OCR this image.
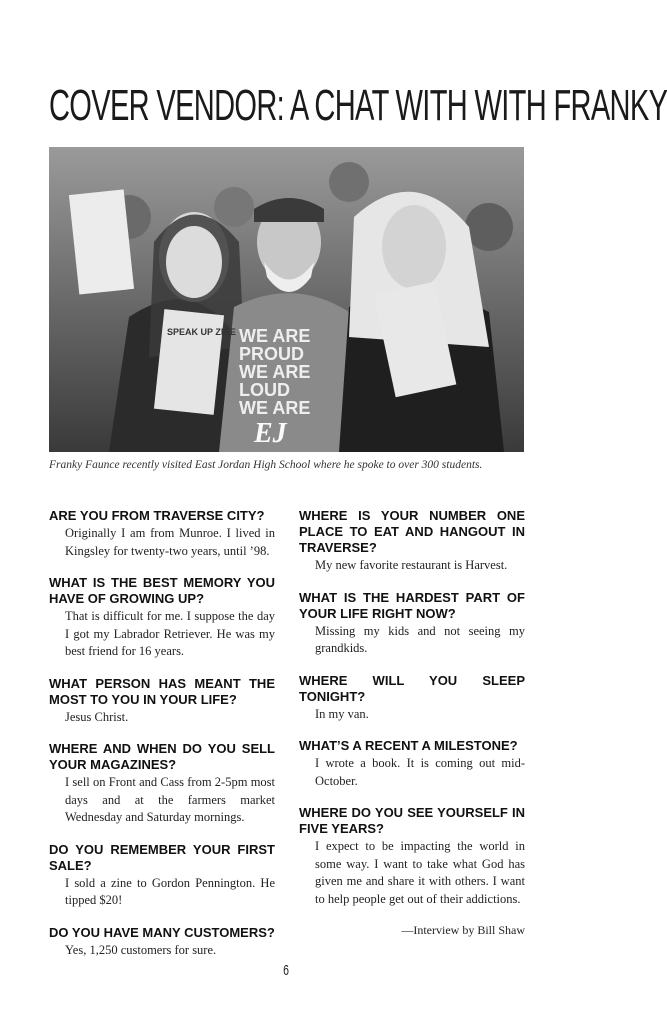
COVER VENDOR: A CHAT WITH WITH FRANKY
WE ARE
PROUD
WE ARE
LOUD
WE ARE
EJ
SPEAK UP ZINE
Franky Faunce recently visited East Jordan High School where he spoke to over 300 students.

ARE YOU FROM TRAVERSE CITY?

Originally I am from Munroe. I lived in Kingsley for twenty-two years, until ’98.

WHAT IS THE BEST MEMORY YOU HAVE OF GROWING UP?

That is difficult for me. I suppose the day I got my Labrador Retriever. He was my best friend for 16 years.

WHAT PERSON HAS MEANT THE MOST TO YOU IN YOUR LIFE?

Jesus Christ.

WHERE AND WHEN DO YOU SELL YOUR MAGAZINES?

I sell on Front and Cass from 2-5pm most days and at the farmers market Wednesday and Saturday mornings.

DO YOU REMEMBER YOUR FIRST SALE?

I sold a zine to Gordon Pennington. He tipped $20!

DO YOU HAVE MANY CUSTOMERS?

Yes, 1,250 customers for sure.

WHERE IS YOUR NUMBER ONE PLACE TO EAT AND HANGOUT IN TRAVERSE?

My new favorite restaurant is Harvest.

WHAT IS THE HARDEST PART OF YOUR LIFE RIGHT NOW?

Missing my kids and not seeing my grandkids.

WHERE WILL YOU SLEEP TONIGHT?

In my van.

WHAT’S A RECENT A MILESTONE?

I wrote a book. It is coming out mid-October.

WHERE DO YOU SEE YOURSELF IN FIVE YEARS?

I expect to be impacting the world in some way. I want to take what God has given me and share it with others. I want to help people get out of their addictions.

—Interview by Bill Shaw
6
